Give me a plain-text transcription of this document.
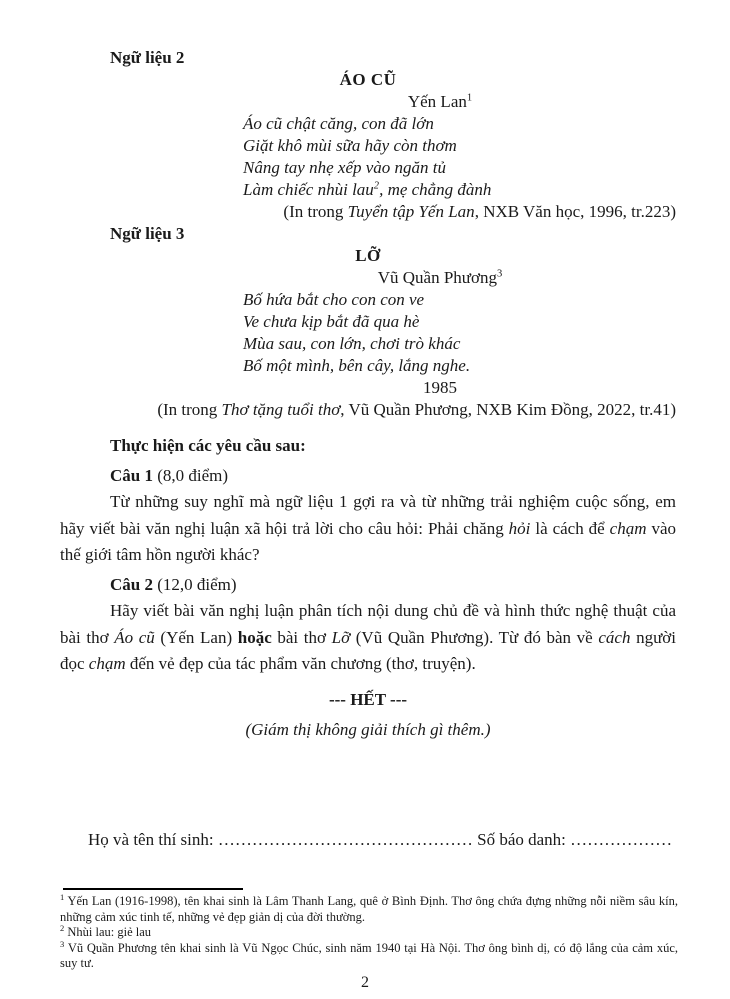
Ngữ liệu 2

ÁO CŨ

Yến Lan$^1$

Áo cũ chật căng, con đã lớn

Giặt khô mùi sữa hãy còn thơm

Nâng tay nhẹ xếp vào ngăn tủ

Làm chiếc nhùi lau$^2$, mẹ chẳng đành

(In trong Tuyển tập Yến Lan, NXB Văn học, 1996, tr.223)

Ngữ liệu 3

LỠ

Vũ Quần Phương$^3$

Bố hứa bắt cho con con ve

Ve chưa kịp bắt đã qua hè

Mùa sau, con lớn, chơi trò khác

Bố một mình, bên cây, lắng nghe.

1985

(In trong Thơ tặng tuổi thơ, Vũ Quần Phương, NXB Kim Đồng, 2022, tr.41)

Thực hiện các yêu cầu sau:

Câu 1 (8,0 điểm)

Từ những suy nghĩ mà ngữ liệu 1 gợi ra và từ những trải nghiệm cuộc sống, em hãy viết bài văn nghị luận xã hội trả lời cho câu hỏi: Phải chăng hỏi là cách để chạm vào thế giới tâm hồn người khác?

Câu 2 (12,0 điểm)

Hãy viết bài văn nghị luận phân tích nội dung chủ đề và hình thức nghệ thuật của bài thơ Áo cũ (Yến Lan) hoặc bài thơ Lỡ (Vũ Quần Phương). Từ đó bàn về cách người đọc chạm đến vẻ đẹp của tác phẩm văn chương (thơ, truyện).

--- HẾT ---

(Giám thị không giải thích gì thêm.)

Họ và tên thí sinh: ……………………………………… Số báo danh: ………………

$^1$ Yến Lan (1916-1998), tên khai sinh là Lâm Thanh Lang, quê ở Bình Định. Thơ ông chứa đựng những nỗi niềm sâu kín, những cảm xúc tinh tế, những vẻ đẹp giản dị của đời thường.

$^2$ Nhùi lau: giẻ lau

$^3$ Vũ Quần Phương tên khai sinh là Vũ Ngọc Chúc, sinh năm 1940 tại Hà Nội. Thơ ông bình dị, có độ lắng của cảm xúc, suy tư.

2
